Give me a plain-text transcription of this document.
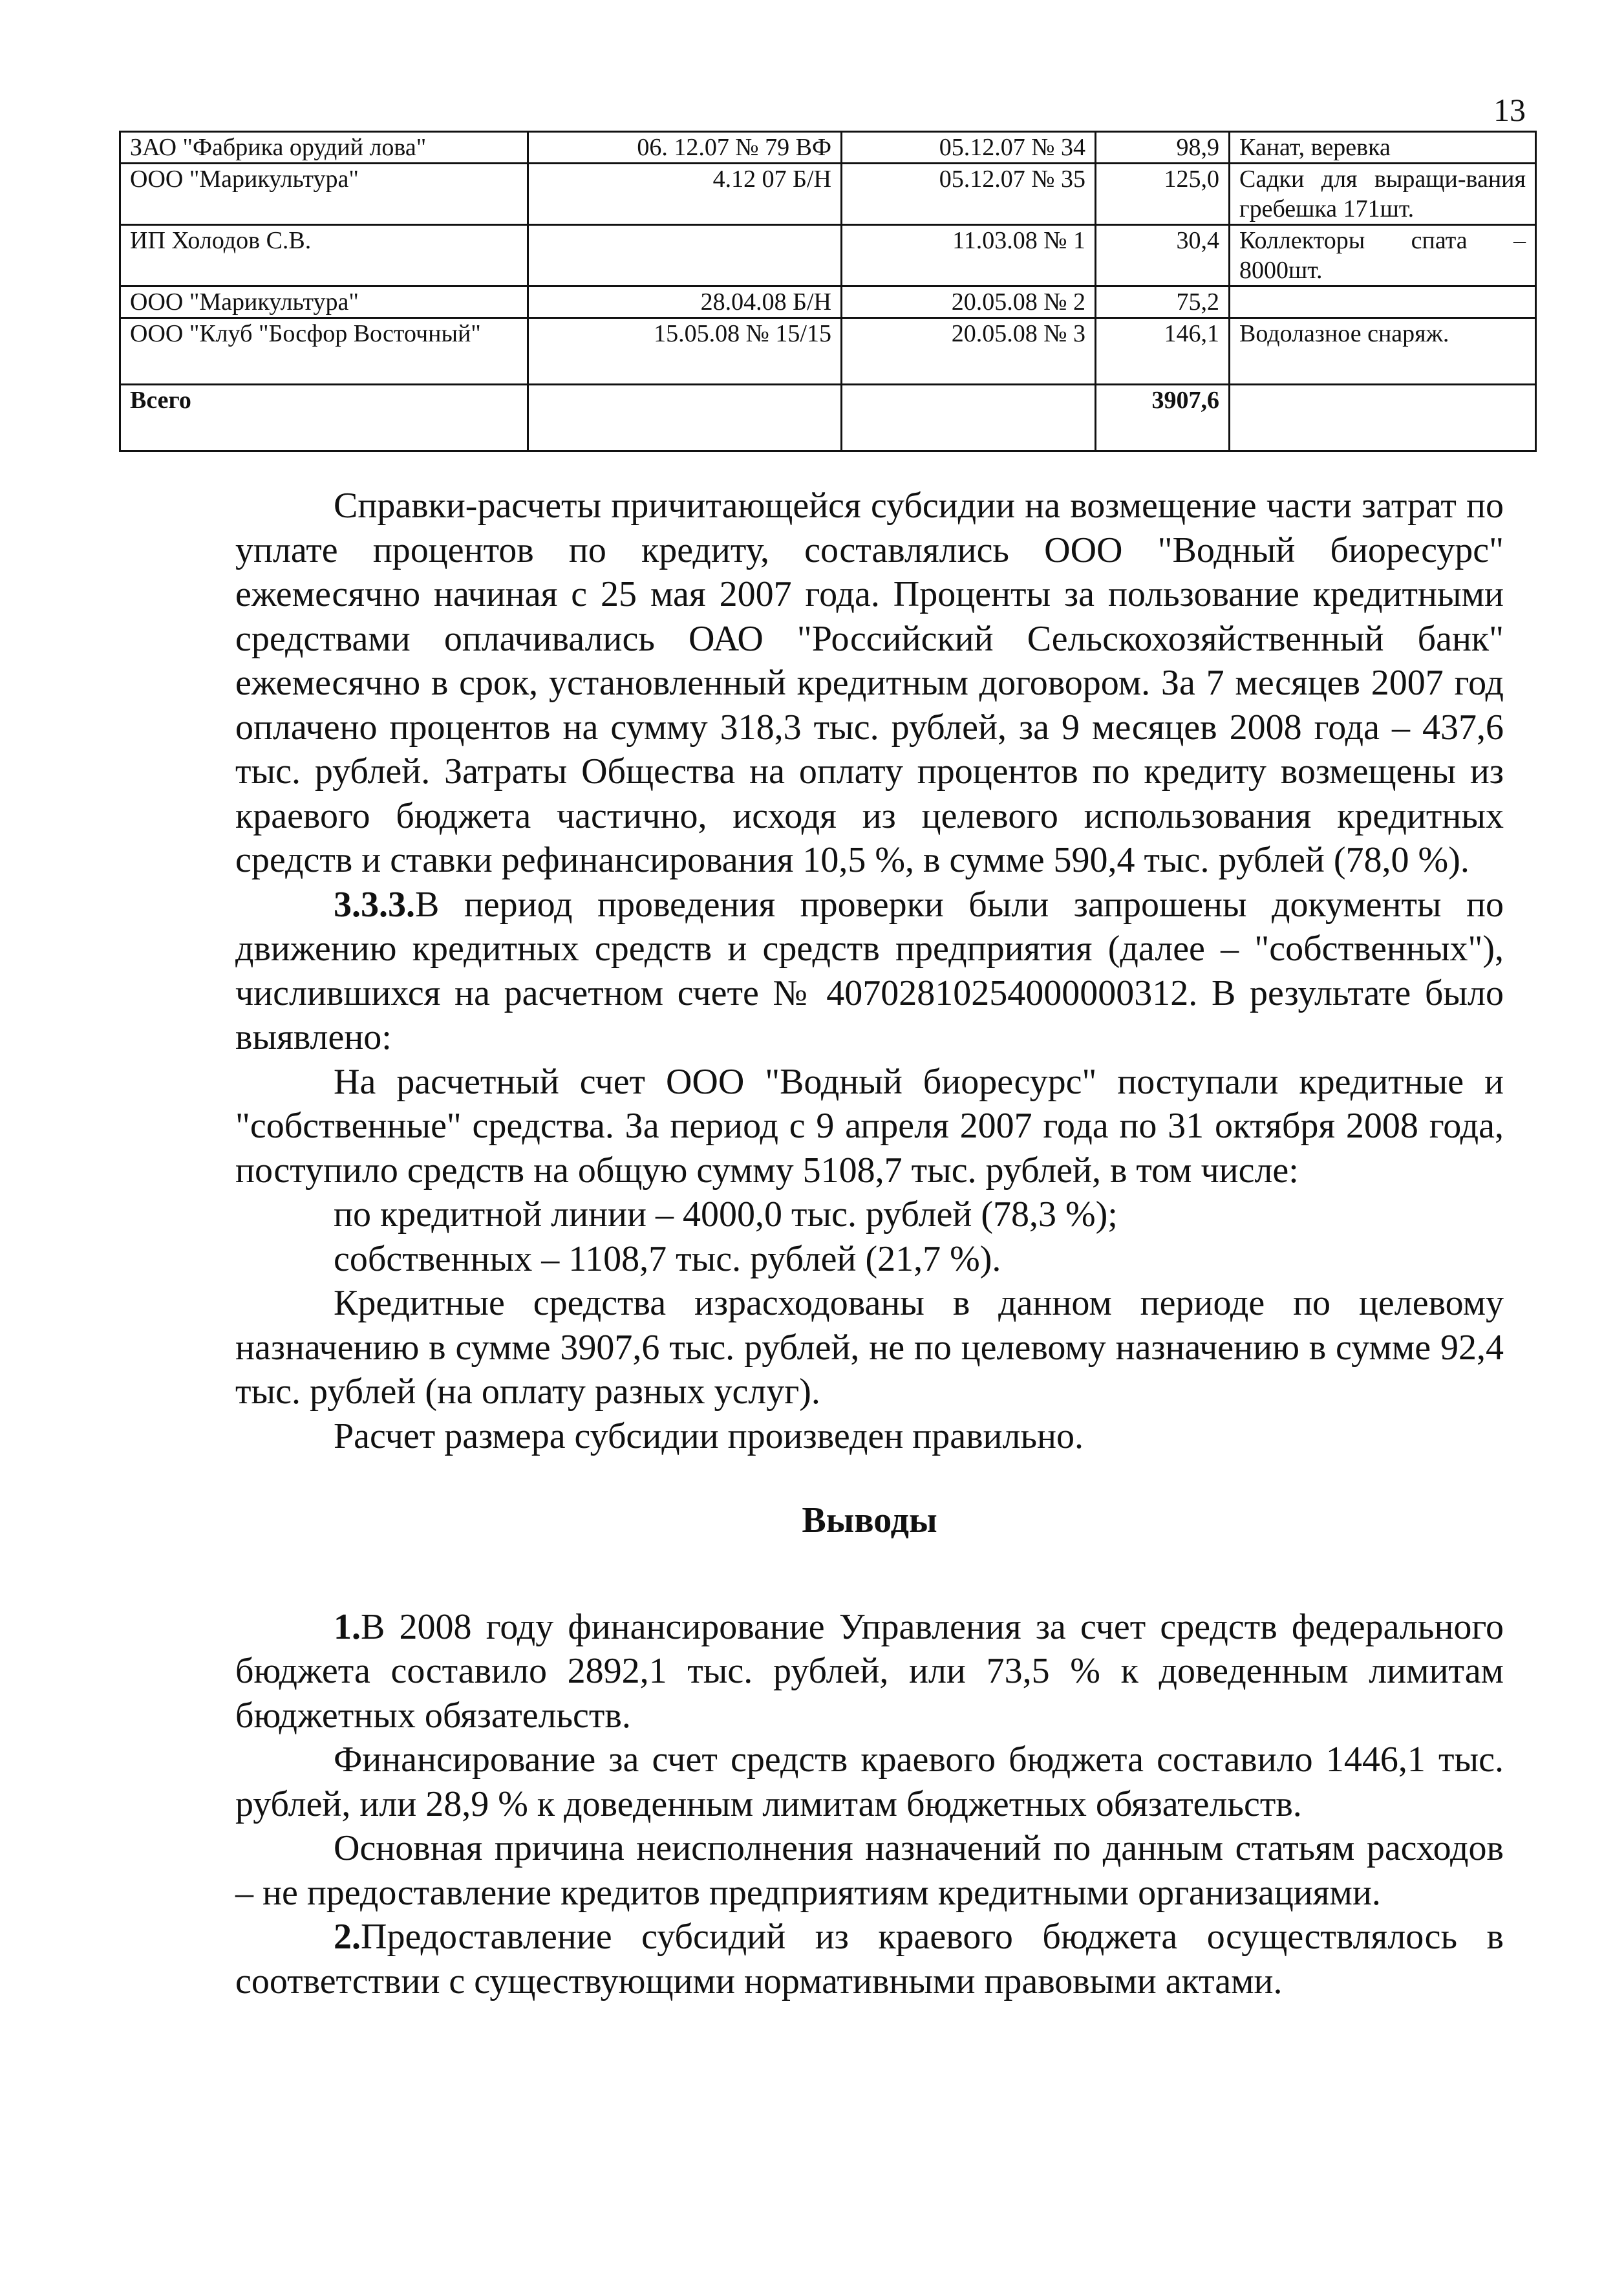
13
ЗАО "Фабрика орудий лова"	06. 12.07 № 79 ВФ	05.12.07 № 34	98,9	Канат, веревка
ООО "Марикультура"	4.12 07 Б/Н	05.12.07 № 35	125,0	Садки для выращи-вания гребешка 171шт.
ИП Холодов С.В.		11.03.08 № 1	30,4	Коллекторы спата – 8000шт.
ООО "Марикультура"	28.04.08 Б/Н	20.05.08 № 2	75,2	
ООО "Клуб "Босфор Восточный"	15.05.08 № 15/15	20.05.08 № 3	146,1	Водолазное снаряж.
Всего			3907,6	

Справки-расчеты причитающейся субсидии на возмещение части затрат по уплате процентов по кредиту, составлялись ООО "Водный биоресурс" ежемесячно начиная с 25 мая 2007 года. Проценты за пользование кредитными средствами оплачивались ОАО "Российский Сельскохозяйственный банк" ежемесячно в срок, установленный кредитным договором. За 7 месяцев 2007 год оплачено процентов на сумму 318,3 тыс. рублей, за 9 месяцев 2008 года – 437,6 тыс. рублей. Затраты Общества на оплату процентов по кредиту возмещены из краевого бюджета частично, исходя из целевого использования кредитных средств и ставки рефинансирования 10,5 %, в сумме 590,4 тыс. рублей (78,0 %).

3.3.3.В период проведения проверки были запрошены документы по движению кредитных средств и средств предприятия (далее – "собственных"), числившихся на расчетном счете № 40702810254000000312. В результате было выявлено:

На расчетный счет ООО "Водный биоресурс" поступали кредитные и "собственные" средства. За период с 9 апреля 2007 года по 31 октября 2008 года, поступило средств на общую сумму 5108,7 тыс. рублей, в том числе:

по кредитной линии – 4000,0 тыс. рублей (78,3 %);

собственных – 1108,7 тыс. рублей (21,7 %).

Кредитные средства израсходованы в данном периоде по целевому назначению в сумме 3907,6 тыс. рублей, не по целевому назначению в сумме 92,4 тыс. рублей (на оплату разных услуг).

Расчет размера субсидии произведен правильно.

Выводы

1.В 2008 году финансирование Управления за счет средств федерального бюджета составило 2892,1 тыс. рублей, или 73,5 % к доведенным лимитам бюджетных обязательств.

Финансирование за счет средств краевого бюджета составило 1446,1 тыс. рублей, или 28,9 % к доведенным лимитам бюджетных обязательств.

Основная причина неисполнения назначений по данным статьям расходов – не предоставление кредитов предприятиям кредитными организациями.

2.Предоставление субсидий из краевого бюджета осуществлялось в соответствии с существующими нормативными правовыми актами.
